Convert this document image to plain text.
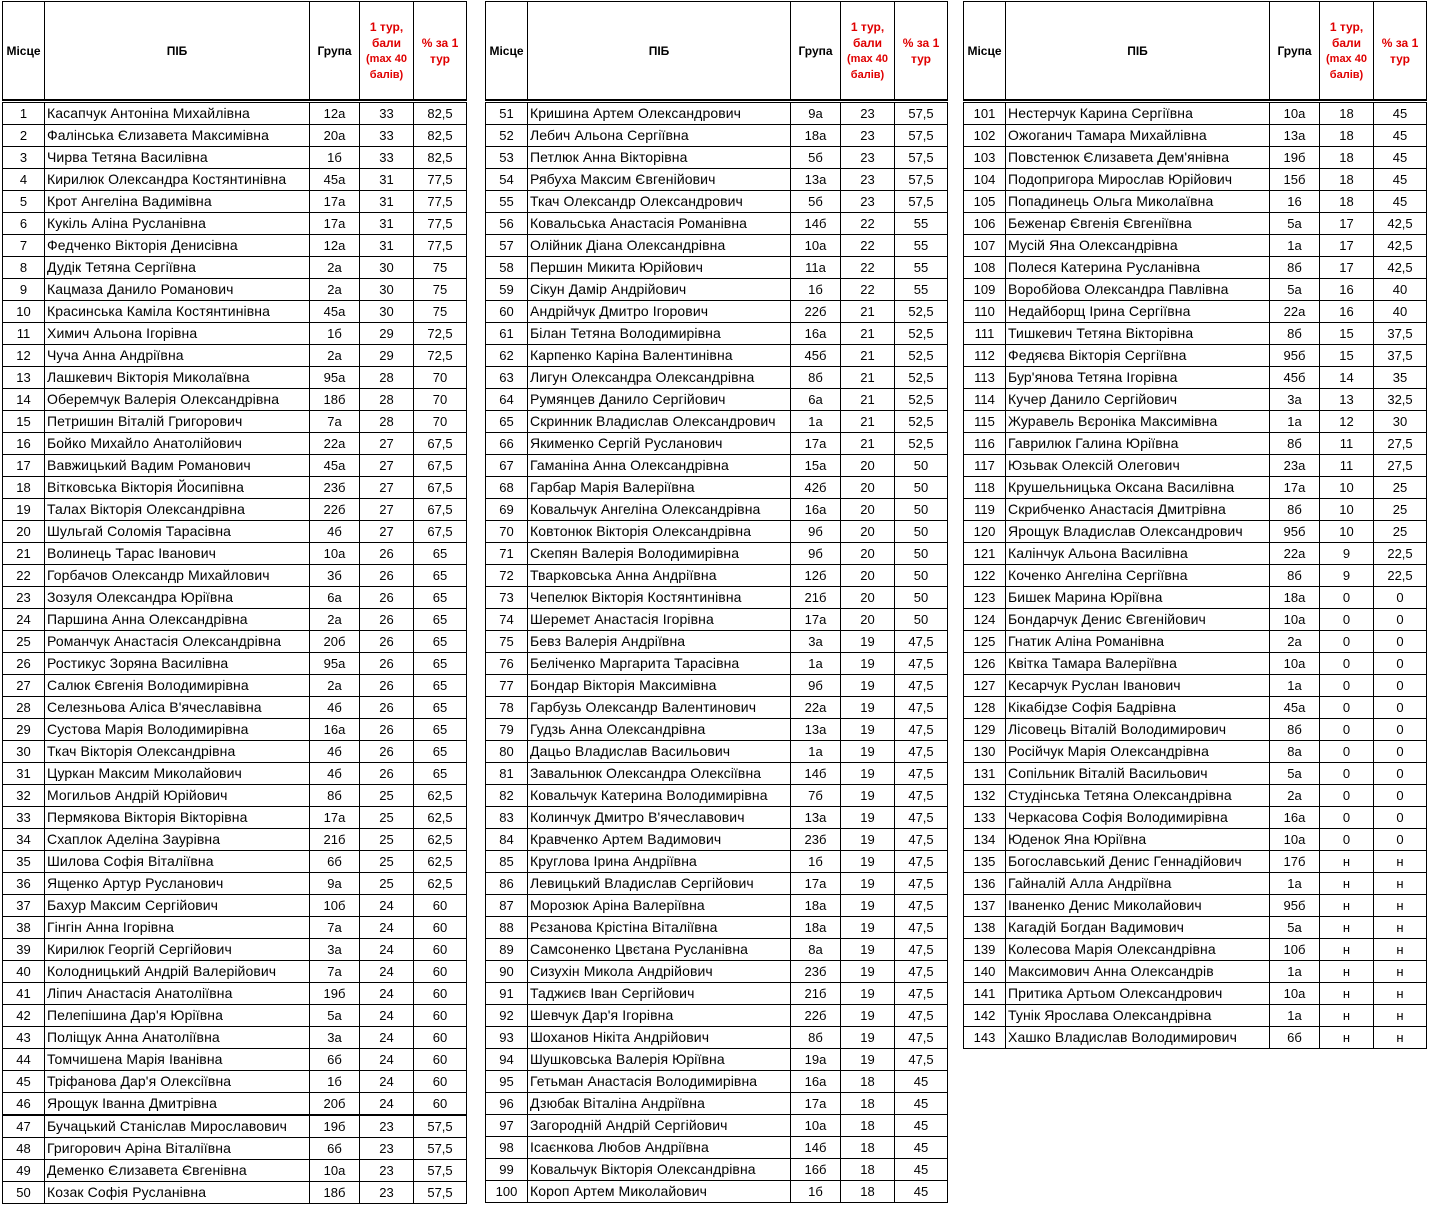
Місце	ПІБ	Група	1 тур,
бали
(max 40
балів)	% за 1
тур

1	Касапчук Антоніна Михайлівна	12а	33	82,5
2	Фалінська Єлизавета Максимівна	20а	33	82,5
3	Чирва Тетяна Василівна	1б	33	82,5
4	Кирилюк Олександра Костянтинівна	45а	31	77,5
5	Крот Ангеліна Вадимівна	17а	31	77,5
6	Кукіль Аліна Русланівна	17а	31	77,5
7	Федченко Вікторія Денисівна	12а	31	77,5
8	Дудік Тетяна Сергіївна	2а	30	75
9	Кацмаза Данило Романович	2а	30	75
10	Красинська Каміла Костянтинівна	45а	30	75
11	Химич Альона Ігорівна	1б	29	72,5
12	Чуча Анна Андріївна	2а	29	72,5
13	Лашкевич Вікторія Миколаївна	95а	28	70
14	Оберемчук Валерія Олександрівна	18б	28	70
15	Петришин Віталій Григорович	7а	28	70
16	Бойко Михайло Анатолійович	22а	27	67,5
17	Вавжицький Вадим Романович	45а	27	67,5
18	Вітковська Вікторія Йосипівна	23б	27	67,5
19	Талах Вікторія Олександрівна	22б	27	67,5
20	Шульгай Соломія Тарасівна	4б	27	67,5
21	Волинець Тарас Іванович	10а	26	65
22	Горбачов Олександр Михайлович	3б	26	65
23	Зозуля Олександра Юріївна	6а	26	65
24	Паршина Анна Олександрівна	2а	26	65
25	Романчук Анастасія Олександрівна	20б	26	65
26	Ростикус Зоряна Василівна	95а	26	65
27	Салюк Євгенія Володимирівна	2а	26	65
28	Селезньова Аліса В'ячеславівна	4б	26	65
29	Сустова Марія Володимирівна	16а	26	65
30	Ткач Вікторія Олександрівна	4б	26	65
31	Цуркан Максим Миколайович	4б	26	65
32	Могильов Андрій Юрійович	8б	25	62,5
33	Пермякова Вікторія Вікторівна	17а	25	62,5
34	Схаплок Аделіна Заурівна	21б	25	62,5
35	Шилова Софія Віталіївна	6б	25	62,5
36	Ященко Артур Русланович	9а	25	62,5
37	Бахур Максим Сергійович	10б	24	60
38	Гінгін Анна Ігорівна	7а	24	60
39	Кирилюк Георгій Сергійович	3а	24	60
40	Колодницький Андрій Валерійович	7а	24	60
41	Ліпич Анастасія Анатоліївна	19б	24	60
42	Пелепішина Дар'я Юріївна	5а	24	60
43	Поліщук Анна Анатоліївна	3а	24	60
44	Томчишена Марія Іванівна	6б	24	60
45	Тріфанова Дар'я Олексіївна	1б	24	60
46	Ярощук Іванна Дмитрівна	20б	24	60
47	Бучацький Станіслав Мирославович	19б	23	57,5
48	Григорович Аріна Віталіївна	6б	23	57,5
49	Деменко Єлизавета Євгенівна	10а	23	57,5
50	Козак Софія Русланівна	18б	23	57,5
Місце	ПІБ	Група	1 тур,
бали
(max 40
балів)	% за 1
тур

51	Кришина Артем Олександрович	9а	23	57,5
52	Лебич Альона Сергіївна	18а	23	57,5
53	Петлюк Анна Вікторівна	5б	23	57,5
54	Рябуха Максим Євгенійович	13а	23	57,5
55	Ткач Олександр Олександрович	5б	23	57,5
56	Ковальська Анастасія Романівна	14б	22	55
57	Олійник Діана Олександрівна	10а	22	55
58	Першин Микита Юрійович	11а	22	55
59	Сікун Дамір Андрійович	1б	22	55
60	Андрійчук Дмитро Ігорович	22б	21	52,5
61	Білан Тетяна Володимирівна	16а	21	52,5
62	Карпенко Каріна Валентинівна	45б	21	52,5
63	Лигун Олександра Олександрівна	8б	21	52,5
64	Румянцев Данило Сергійович	6а	21	52,5
65	Скринник Владислав Олександрович	1а	21	52,5
66	Якименко Сергій Русланович	17а	21	52,5
67	Гаманіна Анна Олександрівна	15а	20	50
68	Гарбар Марія Валеріївна	42б	20	50
69	Ковальчук Ангеліна Олександрівна	16а	20	50
70	Ковтонюк Вікторія Олександрівна	9б	20	50
71	Скепян Валерія Володимирівна	9б	20	50
72	Тварковська Анна Андріївна	12б	20	50
73	Чепелюк Вікторія Костянтинівна	21б	20	50
74	Шеремет Анастасія Ігорівна	17а	20	50
75	Бевз Валерія Андріївна	3а	19	47,5
76	Беліченко Маргарита Тарасівна	1а	19	47,5
77	Бондар Вікторія Максимівна	9б	19	47,5
78	Гарбузь Олександр Валентинович	22а	19	47,5
79	Гудзь Анна Олександрівна	13а	19	47,5
80	Дацьо Владислав Васильович	1а	19	47,5
81	Завальнюк Олександра Олексіївна	14б	19	47,5
82	Ковальчук Катерина Володимирівна	7б	19	47,5
83	Колинчук Дмитро В'ячеславович	13а	19	47,5
84	Кравченко Артем Вадимович	23б	19	47,5
85	Круглова Ірина Андріївна	1б	19	47,5
86	Левицький Владислав Сергійович	17а	19	47,5
87	Морозюк Аріна Валеріївна	18а	19	47,5
88	Рєзанова Крістіна Віталіївна	18а	19	47,5
89	Самсоненко Цвєтана Русланівна	8а	19	47,5
90	Сизухін Микола Андрійович	23б	19	47,5
91	Таджиєв Іван Сергійович	21б	19	47,5
92	Шевчук Дар'я Ігорівна	22б	19	47,5
93	Шоханов Нікіта Андрійович	8б	19	47,5
94	Шушковська Валерія Юріївна	19а	19	47,5
95	Гетьман Анастасія Володимирівна	16а	18	45
96	Дзюбак Віталіна Андріївна	17а	18	45
97	Загородній Андрій Сергійович	10а	18	45
98	Ісаєнкова Любов Андріївна	14б	18	45
99	Ковальчук Вікторія Олександрівна	16б	18	45
100	Короп Артем Миколайович	1б	18	45
Місце	ПІБ	Група	1 тур,
бали
(max 40
балів)	% за 1
тур

101	Нестерчук Карина Сергіївна	10а	18	45
102	Ожоганич Тамара Михайлівна	13а	18	45
103	Повстенюк Єлизавета Дем'янівна	19б	18	45
104	Подопригора Мирослав Юрійович	15б	18	45
105	Попадинець Ольга Миколаївна	16	18	45
106	Беженар Євгенія Євгеніївна	5а	17	42,5
107	Мусій Яна Олександрівна	1а	17	42,5
108	Полеся Катерина Русланівна	8б	17	42,5
109	Воробйова Олександра Павлівна	5а	16	40
110	Недайборщ Ірина Сергіївна	22а	16	40
111	Тишкевич Тетяна Вікторівна	8б	15	37,5
112	Федяєва Вікторія Сергіївна	95б	15	37,5
113	Бур'янова Тетяна Ігорівна	45б	14	35
114	Кучер Данило Сергійович	3а	13	32,5
115	Журавель Вєроніка Максимівна	1а	12	30
116	Гаврилюк Галина Юріївна	8б	11	27,5
117	Юзьвак Олексій Олегович	23а	11	27,5
118	Крушельницька Оксана Василівна	17а	10	25
119	Скрибченко Анастасія Дмитрівна	8б	10	25
120	Ярощук Владислав Олександрович	95б	10	25
121	Калінчук Альона Василівна	22а	9	22,5
122	Коченко Ангеліна Сергіївна	8б	9	22,5
123	Бишек Марина Юріївна	18а	0	0
124	Бондарчук Денис Євгенійович	10а	0	0
125	Гнатик Аліна Романівна	2а	0	0
126	Квітка Тамара Валеріївна	10а	0	0
127	Кесарчук Руслан Іванович	1а	0	0
128	Кікабідзе Софія Бадрівна	45а	0	0
129	Лісовець Віталій Володимирович	8б	0	0
130	Російчук Марія Олександрівна	8а	0	0
131	Сопільник Віталій Васильович	5а	0	0
132	Студінська Тетяна Олександрівна	2а	0	0
133	Черкасова Софія Володимирівна	16а	0	0
134	Юденок Яна Юріївна	10а	0	0
135	Богославський Денис Геннадійович	17б	н	н
136	Гайналій Алла Андріївна	1а	н	н
137	Іваненко Денис Миколайович	95б	н	н
138	Кагадій Богдан Вадимович	5а	н	н
139	Колесова Марія Олександрівна	10б	н	н
140	Максимович Анна Олександрів	1а	н	н
141	Притика Артьом Олександрович	10а	н	н
142	Тунік Ярослава Олександрівна	1а	н	н
143	Хашко Владислав Володимирович	6б	н	н
